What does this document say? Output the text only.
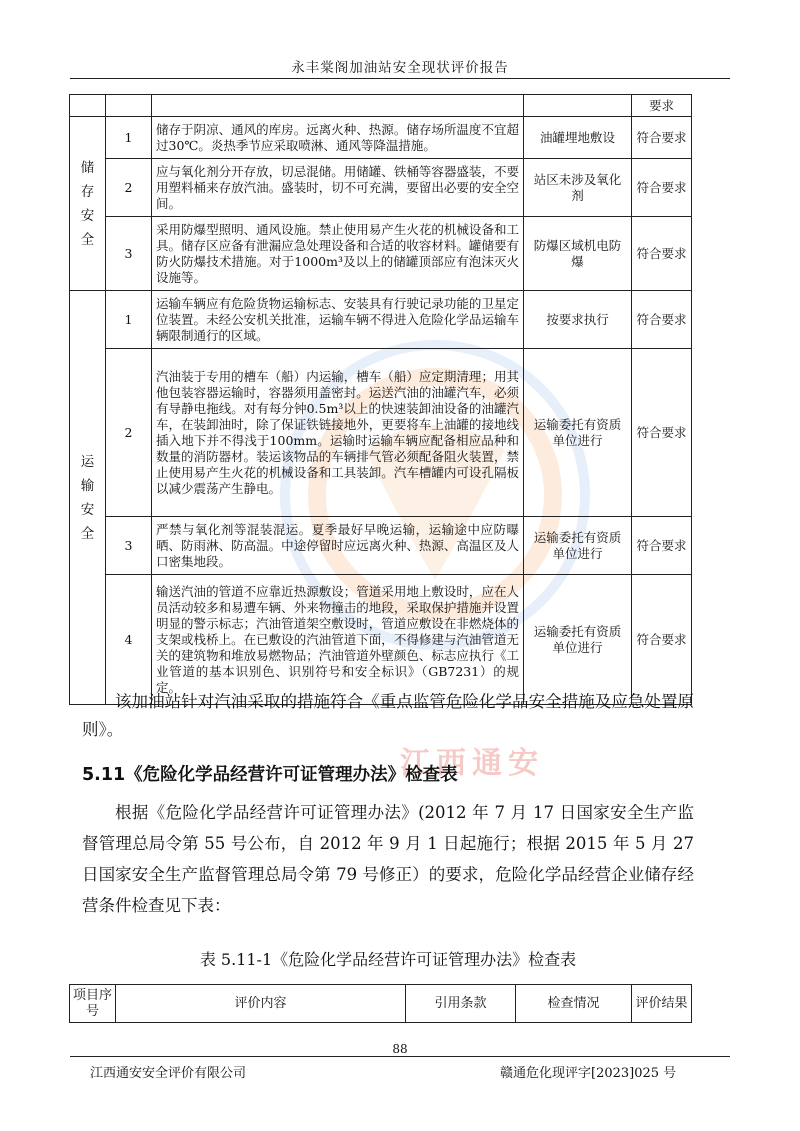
永丰棠阁加油站安全现状评价报告
				要求

储
存
安
全	1	储存于阴凉、通风的库房。远离火种、热源。储存场所温度不宜超过30℃。炎热季节应采取喷淋、通风等降温措施。	油罐埋地敷设	符合要求
	2	应与氧化剂分开存放，切忌混储。用储罐、铁桶等容器盛装，不要用塑料桶来存放汽油。盛装时，切不可充满，要留出必要的安全空间。	站区未涉及氧化剂	符合要求
	3	采用防爆型照明、通风设施。禁止使用易产生火花的机械设备和工具。储存区应备有泄漏应急处理设备和合适的收容材料。罐储要有防火防爆技术措施。对于1000m³及以上的储罐顶部应有泡沫灭火设施等。	防爆区域机电防爆	符合要求

运
输
安
全	1	运输车辆应有危险货物运输标志、安装具有行驶记录功能的卫星定位装置。未经公安机关批准，运输车辆不得进入危险化学品运输车辆限制通行的区域。	按要求执行	符合要求
	2	汽油装于专用的槽车（船）内运输，槽车（船）应定期清理；用其他包装容器运输时，容器须用盖密封。运送汽油的油罐汽车，必须有导静电拖线。对有每分钟0.5m³以上的快速装卸油设备的油罐汽车，在装卸油时，除了保证铁链接地外，更要将车上油罐的接地线插入地下并不得浅于100mm。运输时运输车辆应配备相应品种和数量的消防器材。装运该物品的车辆排气管必须配备阻火装置，禁止使用易产生火花的机械设备和工具装卸。汽车槽罐内可设孔隔板以减少震荡产生静电。	运输委托有资质单位进行	符合要求
	3	严禁与氧化剂等混装混运。夏季最好早晚运输，运输途中应防曝晒、防雨淋、防高温。中途停留时应远离火种、热源、高温区及人口密集地段。	运输委托有资质单位进行	符合要求
	4	输送汽油的管道不应靠近热源敷设；管道采用地上敷设时，应在人员活动较多和易遭车辆、外来物撞击的地段，采取保护措施并设置明显的警示标志；汽油管道架空敷设时，管道应敷设在非燃烧体的支架或栈桥上。在已敷设的汽油管道下面，不得修建与汽油管道无关的建筑物和堆放易燃物品；汽油管道外壁颜色、标志应执行《工业管道的基本识别色、识别符号和安全标识》（GB7231）的规定。	运输委托有资质单位进行	符合要求
该加油站针对汽油采取的措施符合《重点监管危险化学品安全措施及应急处置原则》。
江西通安
5.11《危险化学品经营许可证管理办法》检查表
根据《危险化学品经营许可证管理办法》(2012 年 7 月 17 日国家安全生产监督管理总局令第 55 号公布，自 2012 年 9 月 1 日起施行；根据 2015 年 5 月 27 日国家安全生产监督管理总局令第 79 号修正）的要求，危险化学品经营企业储存经营条件检查见下表：
表 5.11-1《危险化学品经营许可证管理办法》检查表
项目序号	评价内容	引用条款	检查情况	评价结果
88
江西通安安全评价有限公司	赣通危化现评字[2023]025 号
